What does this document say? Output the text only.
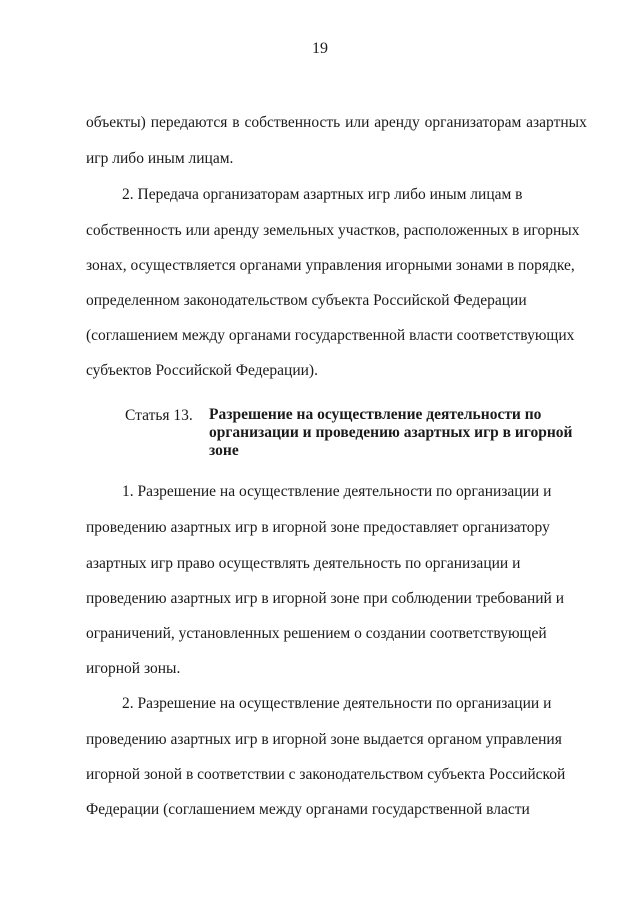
19
объекты) передаются в собственность или аренду организаторам азартных
игр либо иным лицам.
2. Передача организаторам азартных игр либо иным лицам в
собственность или аренду земельных участков, расположенных в игорных
зонах, осуществляется органами управления игорными зонами в порядке,
определенном законодательством субъекта Российской Федерации
(соглашением между органами государственной власти соответствующих
субъектов Российской Федерации).
Статья 13. Разрешение на осуществление деятельности по
организации и проведению азартных игр в игорной
зоне
1. Разрешение на осуществление деятельности по организации и
проведению азартных игр в игорной зоне предоставляет организатору
азартных игр право осуществлять деятельность по организации и
проведению азартных игр в игорной зоне при соблюдении требований и
ограничений, установленных решением о создании соответствующей
игорной зоны.
2. Разрешение на осуществление деятельности по организации и
проведению азартных игр в игорной зоне выдается органом управления
игорной зоной в соответствии с законодательством субъекта Российской
Федерации (соглашением между органами государственной власти
